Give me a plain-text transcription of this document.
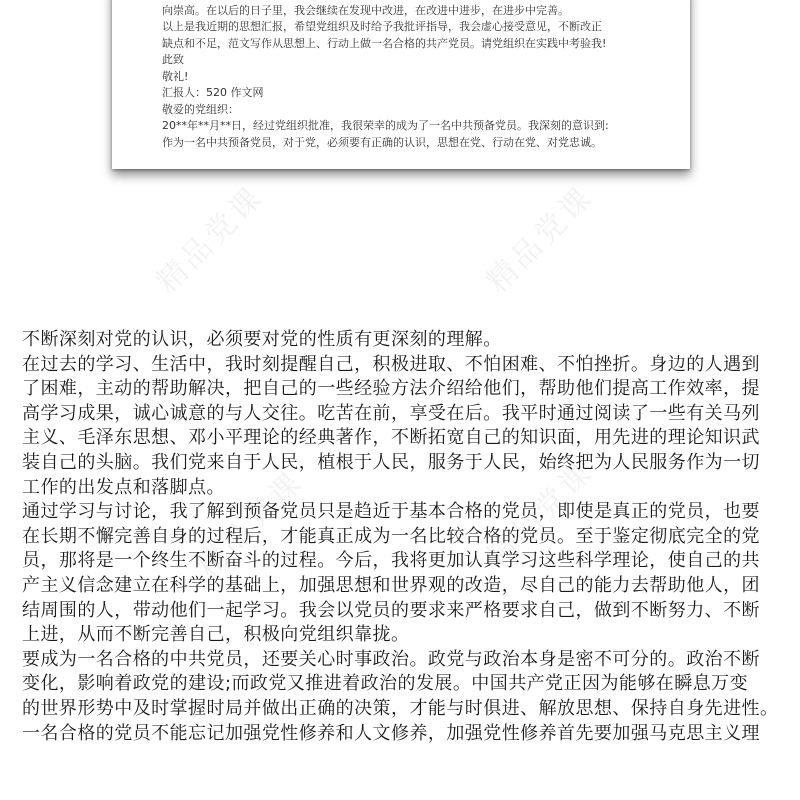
向崇高。在以后的日子里，我会继续在发现中改进，在改进中进步，在进步中完善。
以上是我近期的思想汇报，希望党组织及时给予我批评指导，我会虚心接受意见，不断改正
缺点和不足，范文写作从思想上、行动上做一名合格的共产党员。请党组织在实践中考验我!
此致
敬礼!
汇报人：520 作文网
敬爱的党组织：
20**年**月**日，经过党组织批准，我很荣幸的成为了一名中共预备党员。我深刻的意识到:
作为一名中共预备党员，对于党，必须要有正确的认识，思想在党、行动在党、对党忠诚。
精品党课	精品党课
精品党课	精品党课
不断深刻对党的认识，必须要对党的性质有更深刻的理解。
在过去的学习、生活中，我时刻提醒自己，积极进取、不怕困难、不怕挫折。身边的人遇到
了困难，主动的帮助解决，把自己的一些经验方法介绍给他们，帮助他们提高工作效率，提
高学习成果，诚心诚意的与人交往。吃苦在前，享受在后。我平时通过阅读了一些有关马列
主义、毛泽东思想、邓小平理论的经典著作，不断拓宽自己的知识面，用先进的理论知识武
装自己的头脑。我们党来自于人民，植根于人民，服务于人民，始终把为人民服务作为一切
工作的出发点和落脚点。
通过学习与讨论，我了解到预备党员只是趋近于基本合格的党员，即使是真正的党员，也要
在长期不懈完善自身的过程后，才能真正成为一名比较合格的党员。至于鉴定彻底完全的党
员，那将是一个终生不断奋斗的过程。今后，我将更加认真学习这些科学理论，使自己的共
产主义信念建立在科学的基础上，加强思想和世界观的改造，尽自己的能力去帮助他人，团
结周围的人，带动他们一起学习。我会以党员的要求来严格要求自己，做到不断努力、不断
上进，从而不断完善自己，积极向党组织靠拢。
要成为一名合格的中共党员，还要关心时事政治。政党与政治本身是密不可分的。政治不断
变化，影响着政党的建设;而政党又推进着政治的发展。中国共产党正因为能够在瞬息万变
的世界形势中及时掌握时局并做出正确的决策，才能与时俱进、解放思想、保持自身先进性。
一名合格的党员不能忘记加强党性修养和人文修养，加强党性修养首先要加强马克思主义理
